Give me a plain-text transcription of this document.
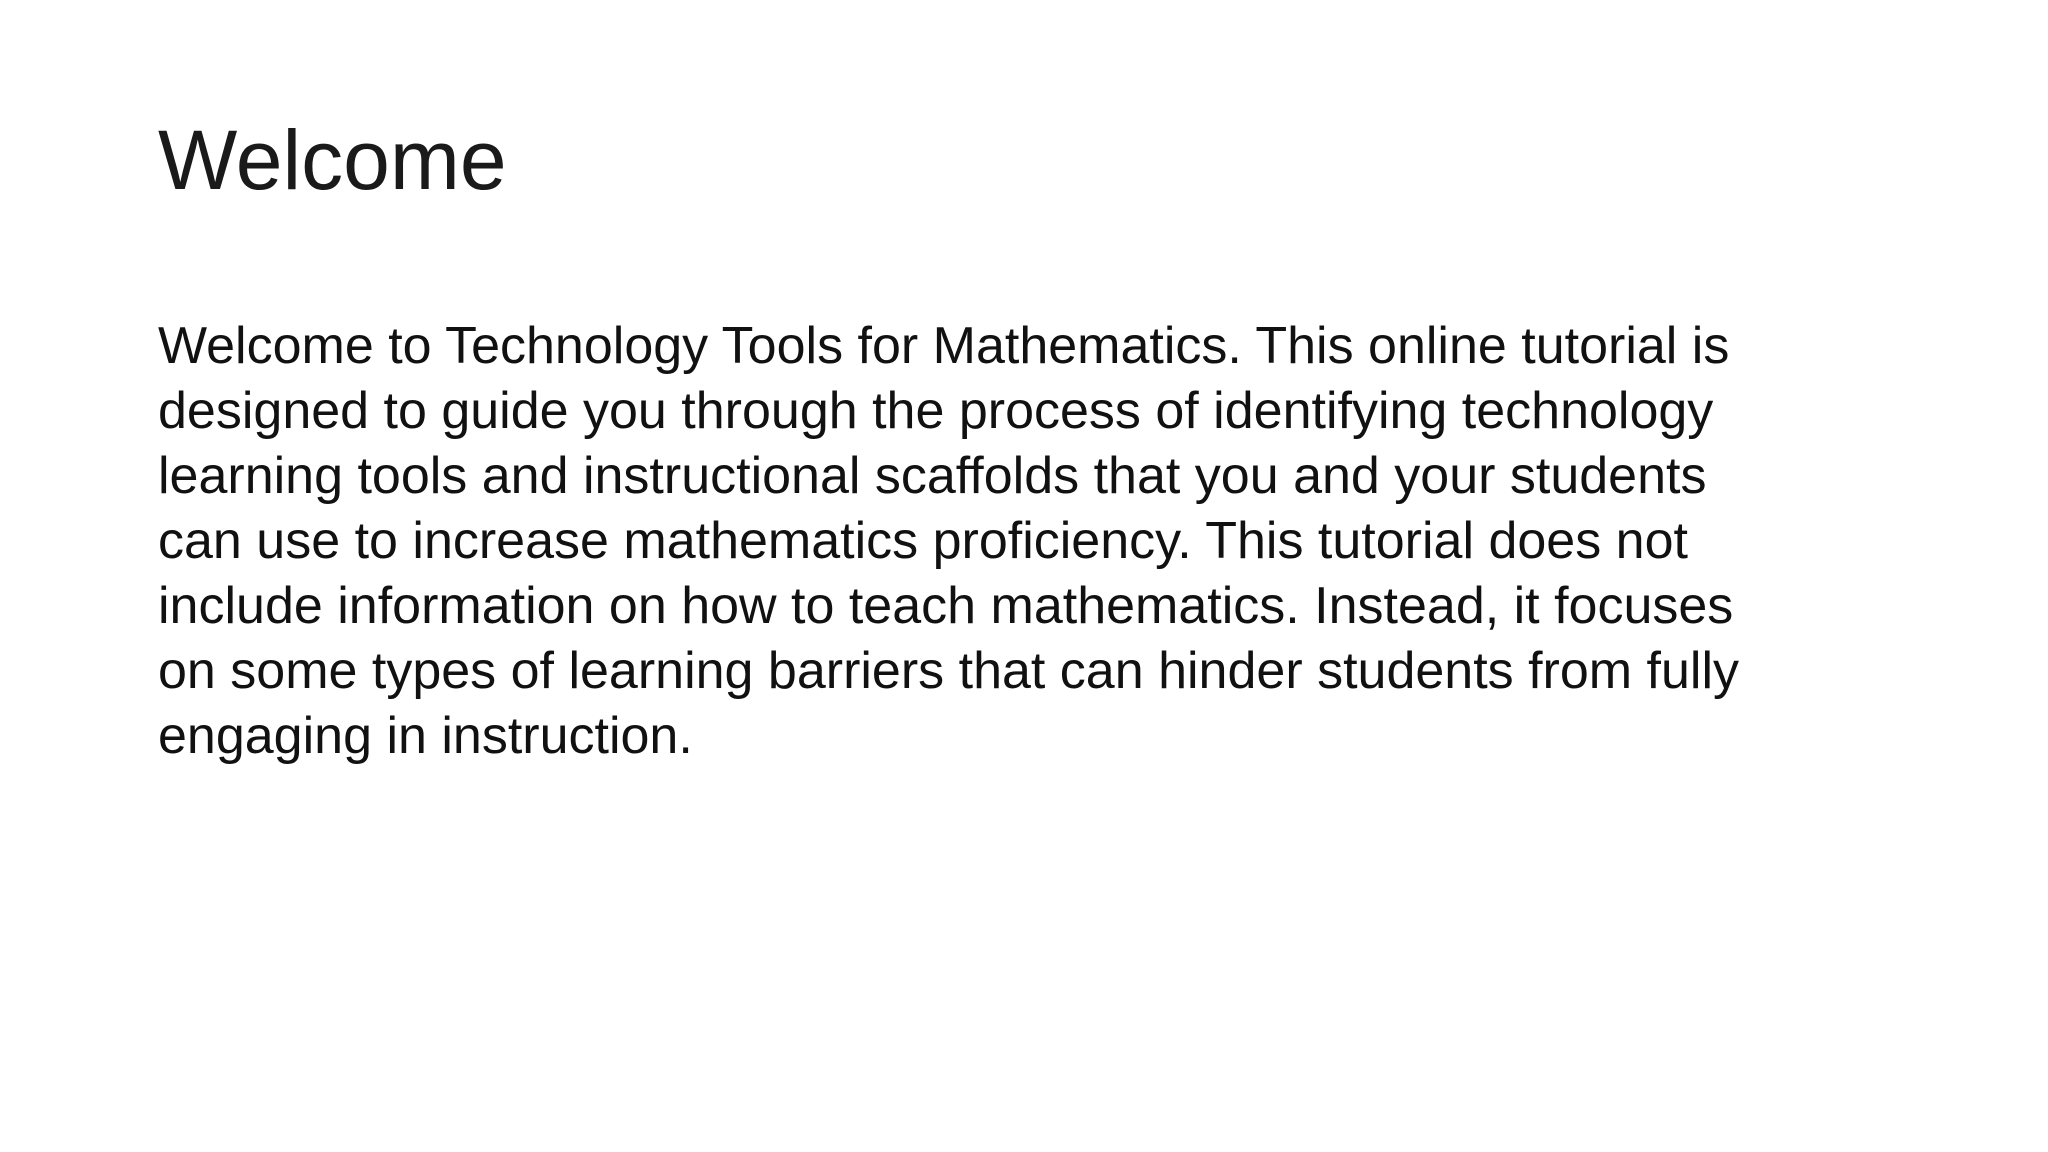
Welcome
Welcome to Technology Tools for Mathematics. This online tutorial is
designed to guide you through the process of identifying technology
learning tools and instructional scaffolds that you and your students
can use to increase mathematics proficiency. This tutorial does not
include information on how to teach mathematics. Instead, it focuses
on some types of learning barriers that can hinder students from fully
engaging in instruction.
